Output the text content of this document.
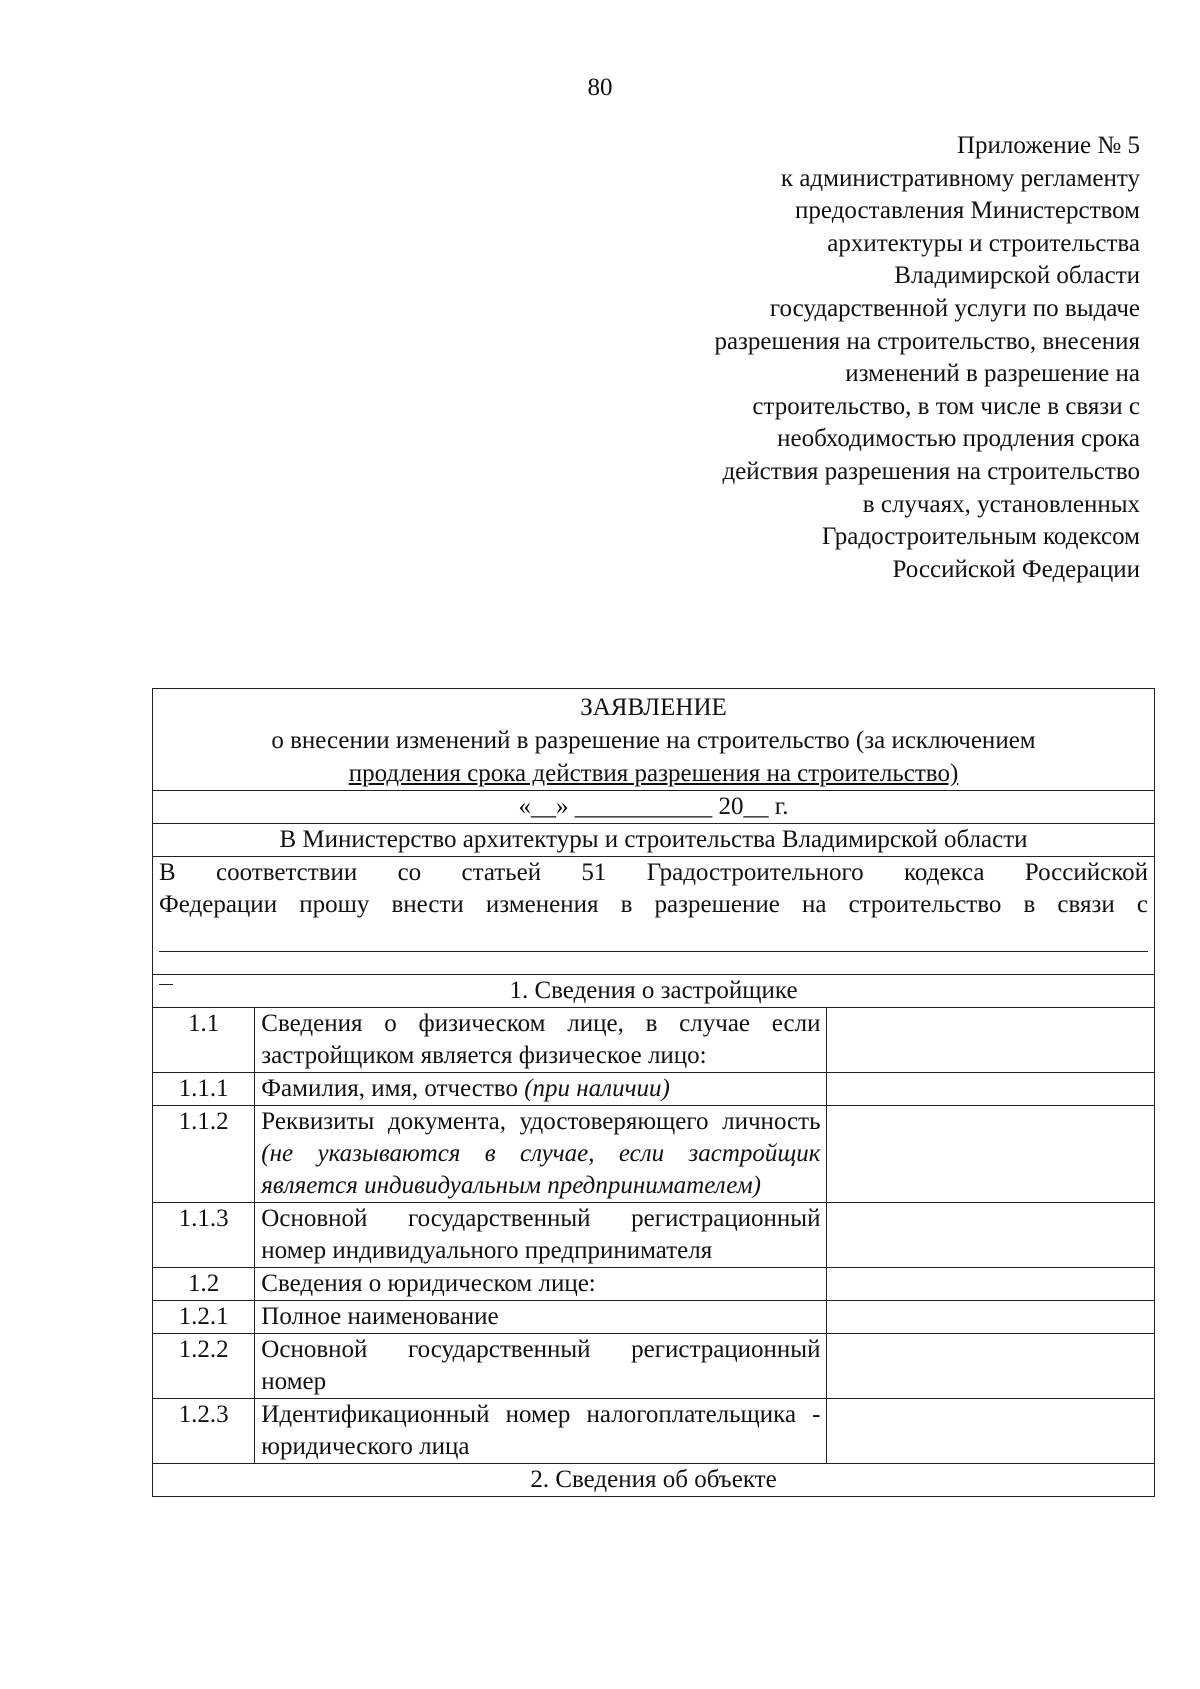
80
Приложение № 5
к административному регламенту
предоставления Министерством
архитектуры и строительства
Владимирской области
государственной услуги по выдаче
разрешения на строительство, внесения
изменений в разрешение на
строительство, в том числе в связи с
необходимостью продления срока
действия разрешения на строительство
в случаях, установленных
Градостроительным кодексом
Российской Федерации
ЗАЯВЛЕНИЕ
о внесении изменений в разрешение на строительство (за исключением
продления срока действия разрешения на строительство)		

«__» ___________ 20__ г.		
В Министерство архитектуры и строительства Владимирской области		

В соответствии со статьей 51 Градостроительного кодекса Российской
Федерации прошу внести изменения в разрешение на строительство в связи с		

1. Сведения о застройщике		
1.1	Сведения о физическом лице, в случае если застройщиком является физическое лицо:	
1.1.1	Фамилия, имя, отчество (при наличии)	
1.1.2	Реквизиты документа, удостоверяющего личность (не указываются в случае, если застройщик является индивидуальным предпринимателем)	
1.1.3	Основной государственный регистрационный номер индивидуального предпринимателя	
1.2	Сведения о юридическом лице:	
1.2.1	Полное наименование	
1.2.2	Основной государственный регистрационный номер	
1.2.3	Идентификационный номер налогоплательщика - юридического лица	
2. Сведения об объекте		
